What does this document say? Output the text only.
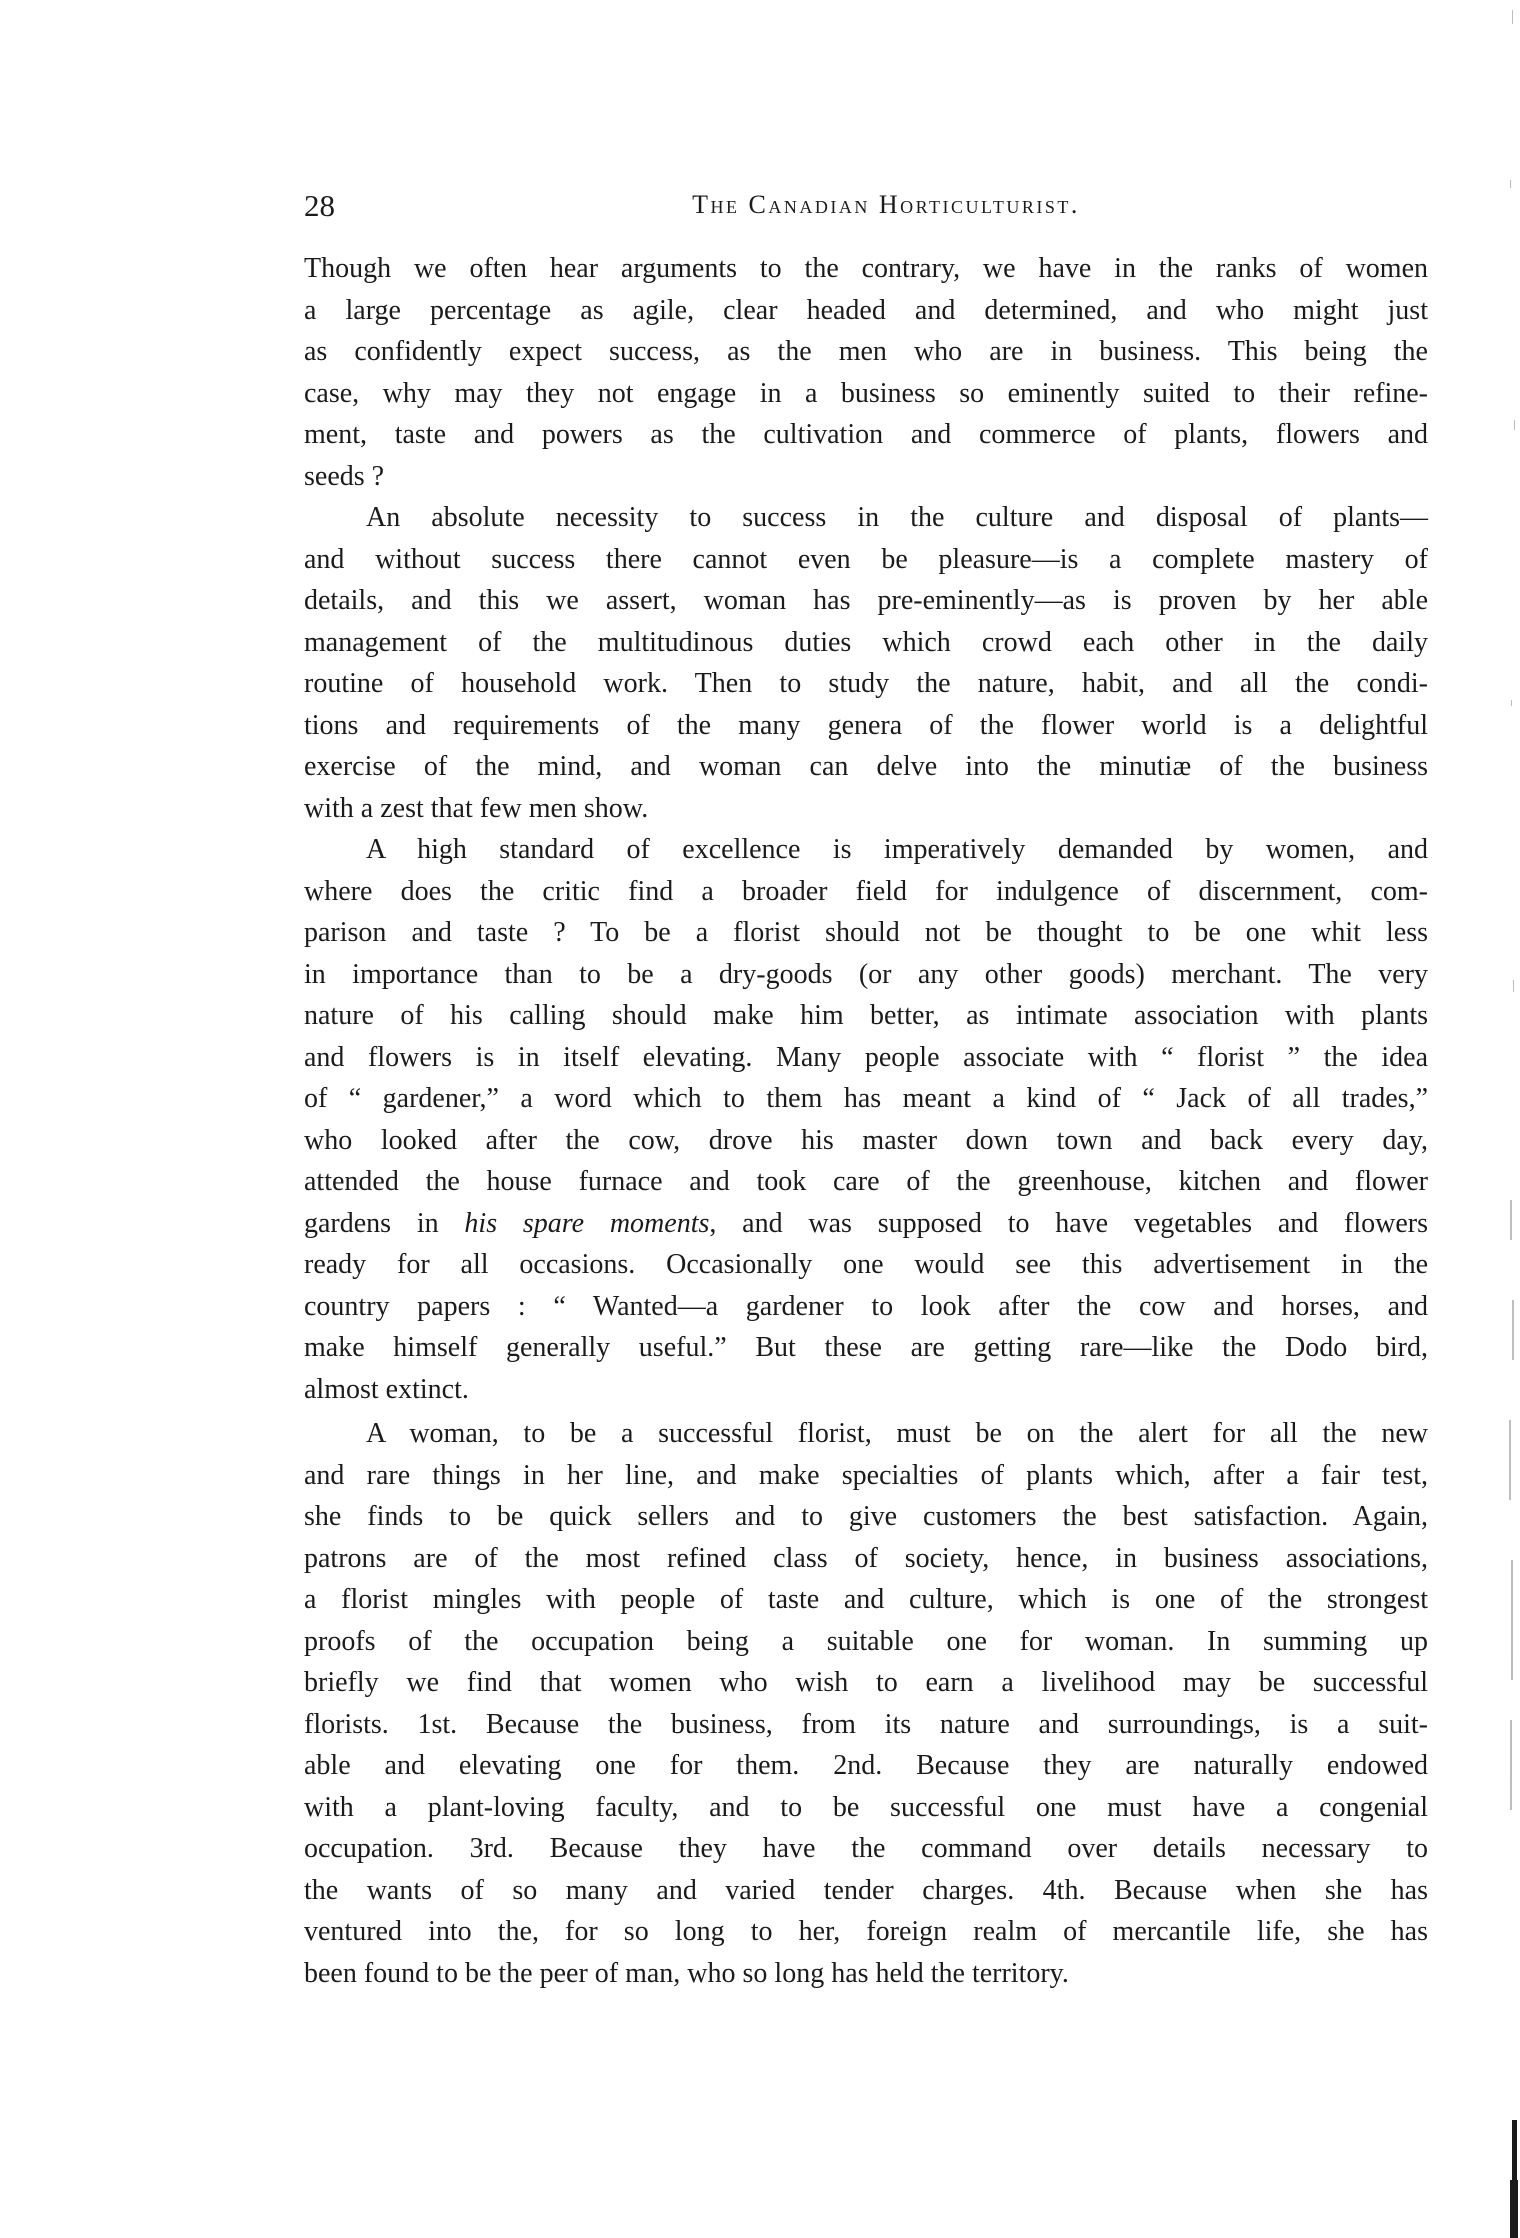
28	The Canadian Horticulturist.

Though we often hear arguments to the contrary, we have in the ranks of women
a large percentage as agile, clear headed and determined, and who might just
as confidently expect success, as the men who are in business. This being the
case, why may they not engage in a business so eminently suited to their refine-
ment, taste and powers as the cultivation and commerce of plants, flowers and
seeds ?

An absolute necessity to success in the culture and disposal of plants—
and without success there cannot even be pleasure—is a complete mastery of
details, and this we assert, woman has pre-eminently—as is proven by her able
management of the multitudinous duties which crowd each other in the daily
routine of household work. Then to study the nature, habit, and all the condi-
tions and requirements of the many genera of the flower world is a delightful
exercise of the mind, and woman can delve into the minutiæ of the business
with a zest that few men show.

A high standard of excellence is imperatively demanded by women, and
where does the critic find a broader field for indulgence of discernment, com-
parison and taste ? To be a florist should not be thought to be one whit less
in importance than to be a dry-goods (or any other goods) merchant. The very
nature of his calling should make him better, as intimate association with plants
and flowers is in itself elevating. Many people associate with “ florist ” the idea
of “ gardener,” a word which to them has meant a kind of “ Jack of all trades,”
who looked after the cow, drove his master down town and back every day,
attended the house furnace and took care of the greenhouse, kitchen and flower
gardens in his spare moments, and was supposed to have vegetables and flowers
ready for all occasions. Occasionally one would see this advertisement in the
country papers : “ Wanted—a gardener to look after the cow and horses, and
make himself generally useful.” But these are getting rare—like the Dodo bird,
almost extinct.

A woman, to be a successful florist, must be on the alert for all the new
and rare things in her line, and make specialties of plants which, after a fair test,
she finds to be quick sellers and to give customers the best satisfaction. Again,
patrons are of the most refined class of society, hence, in business associations,
a florist mingles with people of taste and culture, which is one of the strongest
proofs of the occupation being a suitable one for woman. In summing up
briefly we find that women who wish to earn a livelihood may be successful
florists. 1st. Because the business, from its nature and surroundings, is a suit-
able and elevating one for them. 2nd. Because they are naturally endowed
with a plant-loving faculty, and to be successful one must have a congenial
occupation. 3rd. Because they have the command over details necessary to
the wants of so many and varied tender charges. 4th. Because when she has
ventured into the, for so long to her, foreign realm of mercantile life, she has
been found to be the peer of man, who so long has held the territory.
